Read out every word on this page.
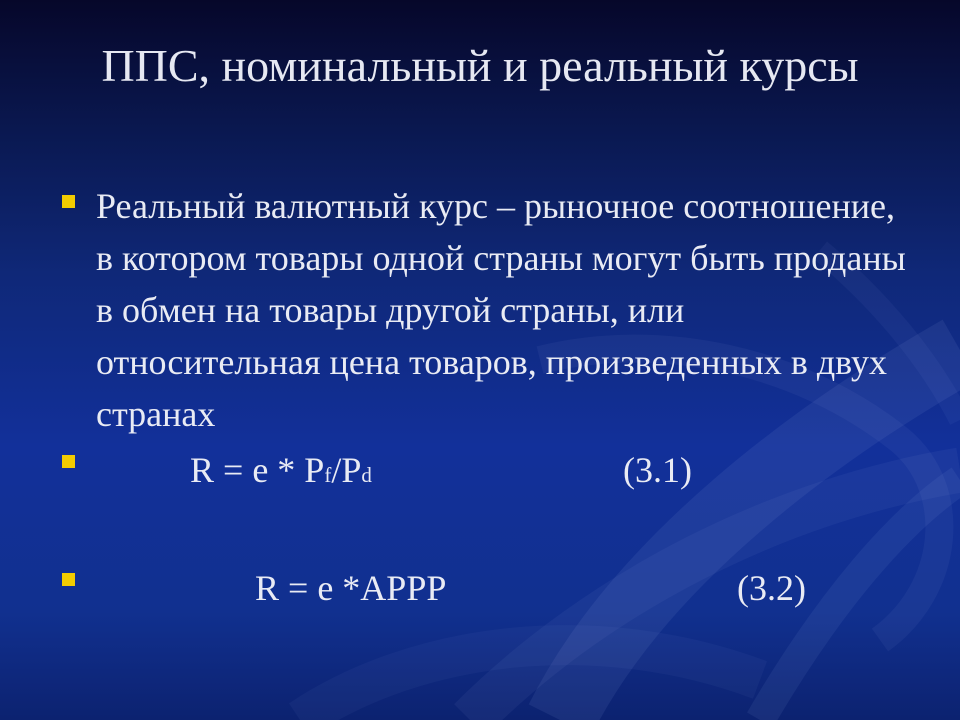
ППС, номинальный и реальный курсы
Реальный валютный курс – рыночное соотношение, в котором товары одной страны могут быть проданы в обмен на товары другой страны, или относительная цена товаров, произведенных в двух странах
R = e * Pf/Pd	(3.1)
R = e *APPP	(3.2)
